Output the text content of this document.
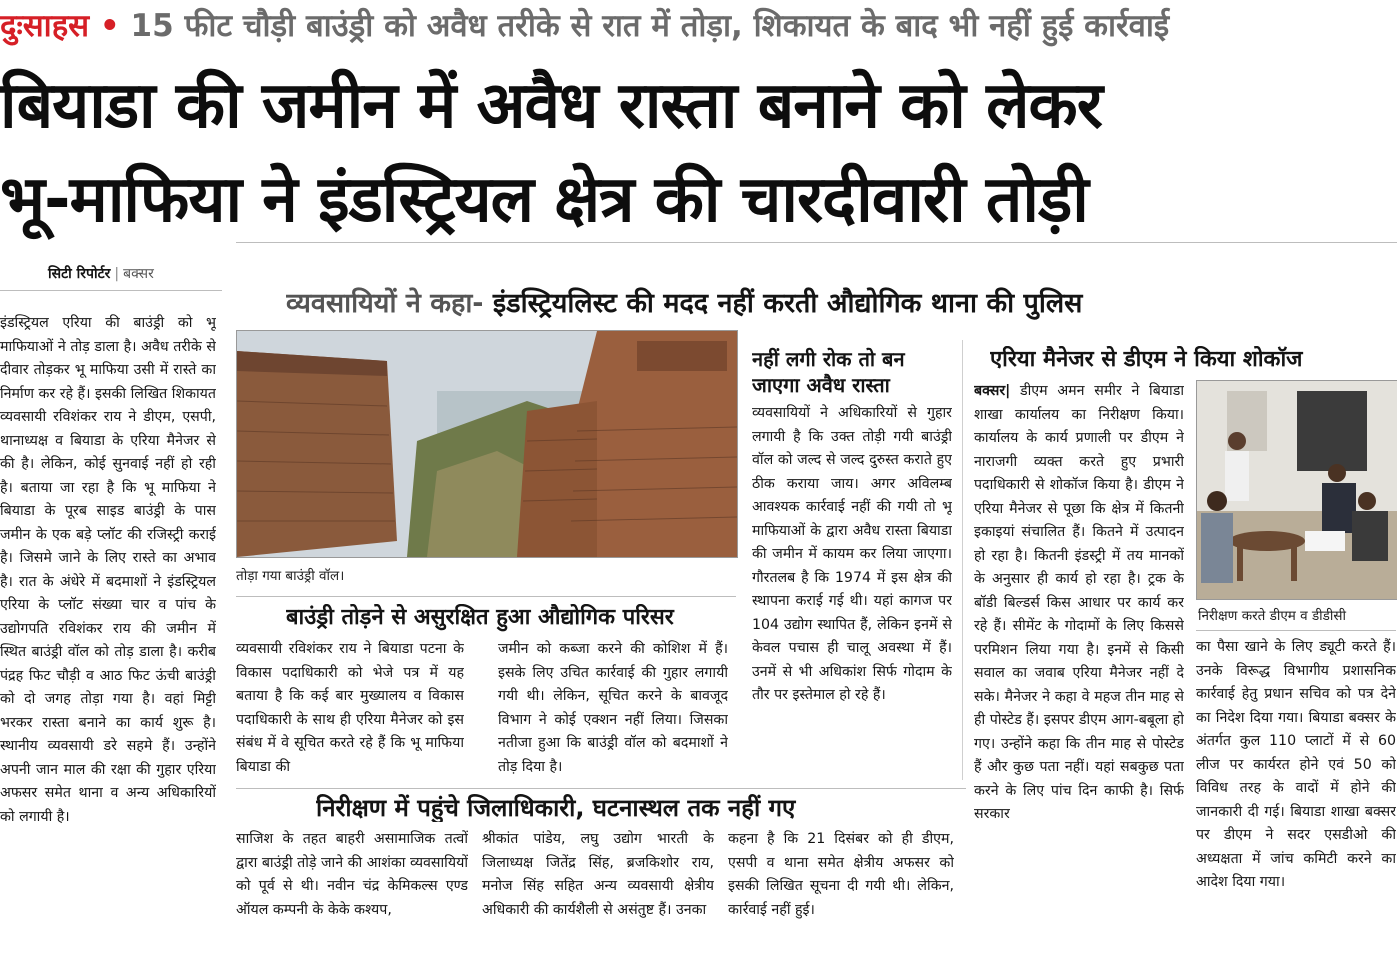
दुःसाहस • 15 फीट चौड़ी बाउंड्री को अवैध तरीके से रात में तोड़ा, शिकायत के बाद भी नहीं हुई कार्रवाई
बियाडा की जमीन में अवैध रास्ता बनाने को लेकर
भू-माफिया ने इंडस्ट्रियल क्षेत्र की चारदीवारी तोड़ी
सिटी रिपोर्टर | बक्सर
इंडस्ट्रियल एरिया की बाउंड्री को भू माफियाओं ने तोड़ डाला है। अवैध तरीके से दीवार तोड़कर भू माफिया उसी में रास्ते का निर्माण कर रहे हैं। इसकी लिखित शिकायत व्यवसायी रविशंकर राय ने डीएम, एसपी, थानाध्यक्ष व बियाडा के एरिया मैनेजर से की है। लेकिन, कोई सुनवाई नहीं हो रही है। बताया जा रहा है कि भू माफिया ने बियाडा के पूरब साइड बाउंड्री के पास जमीन के एक बड़े प्लॉट की रजिस्ट्री कराई है। जिसमे जाने के लिए रास्ते का अभाव है। रात के अंधेरे में बदमाशों ने इंडस्ट्रियल एरिया के प्लॉट संख्या चार व पांच के उद्योगपति रविशंकर राय की जमीन में स्थित बाउंड्री वॉल को तोड़ डाला है। करीब पंद्रह फिट चौड़ी व आठ फिट ऊंची बाउंड्री को दो जगह तोड़ा गया है। वहां मिट्टी भरकर रास्ता बनाने का कार्य शुरू है। स्थानीय व्यवसायी डरे सहमे हैं। उन्होंने अपनी जान माल की रक्षा की गुहार एरिया अफसर समेत थाना व अन्य अधिकारियों को लगायी है।
व्यवसायियों ने कहा- इंडस्ट्रियलिस्ट की मदद नहीं करती औद्योगिक थाना की पुलिस
तोड़ा गया बाउंड्री वॉल।
बाउंड्री तोड़ने से असुरक्षित हुआ औद्योगिक परिसर
व्यवसायी रविशंकर राय ने बियाडा पटना के विकास पदाधिकारी को भेजे पत्र में यह बताया है कि कई बार मुख्यालय व विकास पदाधिकारी के साथ ही एरिया मैनेजर को इस संबंध में वे सूचित करते रहे हैं कि भू माफिया बियाडा की
जमीन को कब्जा करने की कोशिश में हैं। इसके लिए उचित कार्रवाई की गुहार लगायी गयी थी। लेकिन, सूचित करने के बावजूद विभाग ने कोई एक्शन नहीं लिया। जिसका नतीजा हुआ कि बाउंड्री वॉल को बदमाशों ने तोड़ दिया है।
नहीं लगी रोक तो बन जाएगा अवैध रास्ता
व्यवसायियों ने अधिकारियों से गुहार लगायी है कि उक्त तोड़ी गयी बाउंड्री वॉल को जल्द से जल्द दुरुस्त कराते हुए ठीक कराया जाय। अगर अविलम्ब आवश्यक कार्रवाई नहीं की गयी तो भू माफियाओं के द्वारा अवैध रास्ता बियाडा की जमीन में कायम कर लिया जाएगा। गौरतलब है कि 1974 में इस क्षेत्र की स्थापना कराई गई थी। यहां कागज पर 104 उद्योग स्थापित हैं, लेकिन इनमें से केवल पचास ही चालू अवस्था में हैं। उनमें से भी अधिकांश सिर्फ गोदाम के तौर पर इस्तेमाल हो रहे हैं।
निरीक्षण में पहुंचे जिलाधिकारी, घटनास्थल तक नहीं गए
साजिश के तहत बाहरी असामाजिक तत्वों द्वारा बाउंड्री तोड़े जाने की आशंका व्यवसायियों को पूर्व से थी। नवीन चंद्र केमिकल्स एण्ड ऑयल कम्पनी के केके कश्यप,
श्रीकांत पांडेय, लघु उद्योग भारती के जिलाध्यक्ष जितेंद्र सिंह, ब्रजकिशोर राय, मनोज सिंह सहित अन्य व्यवसायी क्षेत्रीय अधिकारी की कार्यशैली से असंतुष्ट हैं। उनका
कहना है कि 21 दिसंबर को ही डीएम, एसपी व थाना समेत क्षेत्रीय अफसर को इसकी लिखित सूचना दी गयी थी। लेकिन, कार्रवाई नहीं हुई।
एरिया मैनेजर से डीएम ने किया शोकॉज
बक्सर| डीएम अमन समीर ने बियाडा शाखा कार्यालय का निरीक्षण किया। कार्यालय के कार्य प्रणाली पर डीएम ने नाराजगी व्यक्त करते हुए प्रभारी पदाधिकारी से शोकॉज किया है। डीएम ने एरिया मैनेजर से पूछा कि क्षेत्र में कितनी इकाइयां संचालित हैं। कितने में उत्पादन हो रहा है। कितनी इंडस्ट्री में तय मानकों के अनुसार ही कार्य हो रहा है। ट्रक के बॉडी बिल्डर्स किस आधार पर कार्य कर रहे हैं। सीमेंट के गोदामों के लिए किससे परमिशन लिया गया है। इनमें से किसी सवाल का जवाब एरिया मैनेजर नहीं दे सके। मैनेजर ने कहा वे महज तीन माह से ही पोस्टेड हैं। इसपर डीएम आग-बबूला हो गए। उन्होंने कहा कि तीन माह से पोस्टेड हैं और कुछ पता नहीं। यहां सबकुछ पता करने के लिए पांच दिन काफी है। सिर्फ सरकार
निरीक्षण करते डीएम व डीडीसी
का पैसा खाने के लिए ड्यूटी करते हैं। उनके विरूद्ध विभागीय प्रशासनिक कार्रवाई हेतु प्रधान सचिव को पत्र देने का निदेश दिया गया। बियाडा बक्सर के अंतर्गत कुल 110 प्लाटों में से 60 लीज पर कार्यरत होने एवं 50 को विविध तरह के वादों में होने की जानकारी दी गई। बियाडा शाखा बक्सर पर डीएम ने सदर एसडीओ की अध्यक्षता में जांच कमिटी करने का आदेश दिया गया।
